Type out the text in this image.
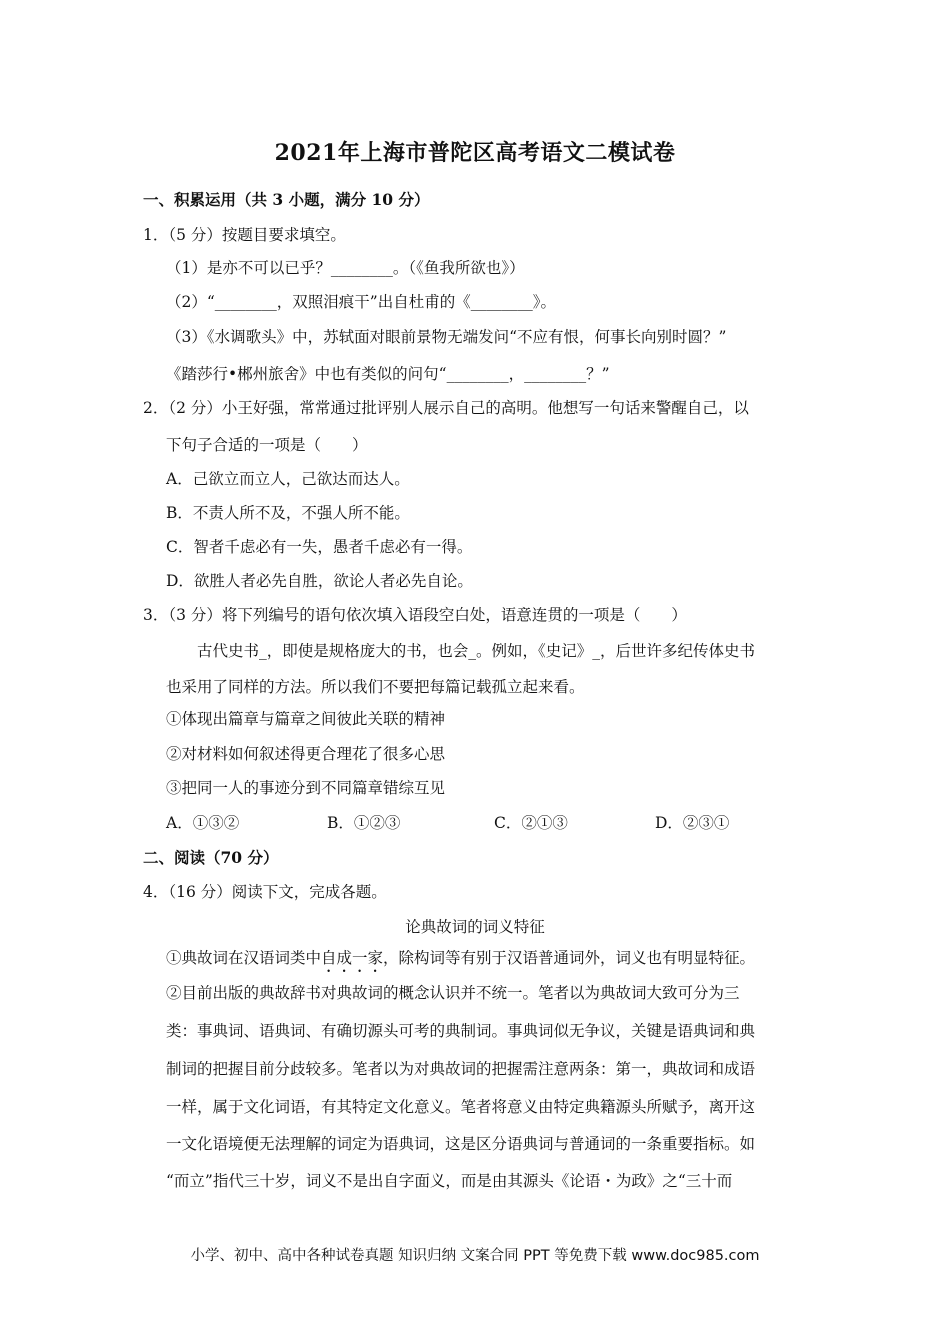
2021年上海市普陀区高考语文二模试卷
一、积累运用（共 3 小题，满分 10 分）
1．（5 分）按题目要求填空。
（1）是亦不可以已乎？________。（《鱼我所欲也》）
（2）“________，双照泪痕干”出自杜甫的《________》。
（3）《水调歌头》中，苏轼面对眼前景物无端发问“不应有恨，何事长向别时圆？”
《踏莎行•郴州旅舍》中也有类似的问句“________，________？”
2．（2 分）小王好强，常常通过批评别人展示自己的高明。他想写一句话来警醒自己，以
下句子合适的一项是（　　）
A．己欲立而立人，己欲达而达人。
B．不责人所不及，不强人所不能。
C．智者千虑必有一失，愚者千虑必有一得。
D．欲胜人者必先自胜，欲论人者必先自论。
3．（3 分）将下列编号的语句依次填入语段空白处，语意连贯的一项是（　　）
古代史书_，即使是规格庞大的书，也会_。例如，《史记》_，后世许多纪传体史书
也采用了同样的方法。所以我们不要把每篇记载孤立起来看。
①体现出篇章与篇章之间彼此关联的精神
②对材料如何叙述得更合理花了很多心思
③把同一人的事迹分到不同篇章错综互见
A．①③②	B．①②③	C．②①③	D．②③①
二、阅读（70 分）
4．（16 分）阅读下文，完成各题。
论典故词的词义特征
①典故词在汉语词类中自成一家，除构词等有别于汉语普通词外，词义也有明显特征。
②目前出版的典故辞书对典故词的概念认识并不统一。笔者以为典故词大致可分为三
类：事典词、语典词、有确切源头可考的典制词。事典词似无争议，关键是语典词和典
制词的把握目前分歧较多。笔者以为对典故词的把握需注意两条：第一，典故词和成语
一样，属于文化词语，有其特定文化意义。笔者将意义由特定典籍源头所赋予，离开这
一文化语境便无法理解的词定为语典词，这是区分语典词与普通词的一条重要指标。如
“而立”指代三十岁，词义不是出自字面义，而是由其源头《论语・为政》之“三十而
小学、初中、高中各种试卷真题 知识归纳 文案合同 PPT 等免费下载 www.doc985.com
